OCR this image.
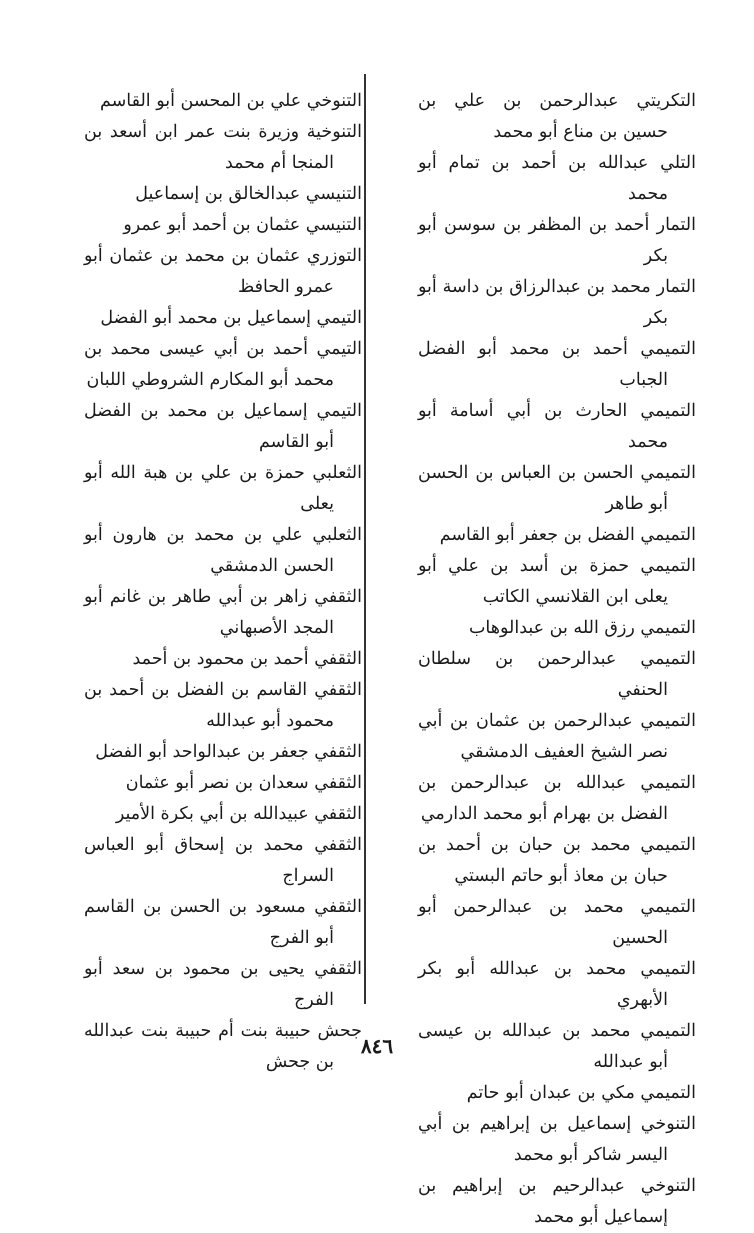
التكريتي عبدالرحمن بن علي بن حسين بن مناع أبو محمد

التلي عبدالله بن أحمد بن تمام أبو محمد

التمار أحمد بن المظفر بن سوسن أبو بكر

التمار محمد بن عبدالرزاق بن داسة أبو بكر

التميمي أحمد بن محمد أبو الفضل الجباب

التميمي الحارث بن أبي أسامة أبو محمد

التميمي الحسن بن العباس بن الحسن أبو طاهر

التميمي الفضل بن جعفر أبو القاسم

التميمي حمزة بن أسد بن علي أبو يعلى ابن القلانسي الكاتب

التميمي رزق الله بن عبدالوهاب

التميمي عبدالرحمن بن سلطان الحنفي

التميمي عبدالرحمن بن عثمان بن أبي نصر الشيخ العفيف الدمشقي

التميمي عبدالله بن عبدالرحمن بن الفضل بن بهرام أبو محمد الدارمي

التميمي محمد بن حبان بن أحمد بن حبان بن معاذ أبو حاتم البستي

التميمي محمد بن عبدالرحمن أبو الحسين

التميمي محمد بن عبدالله أبو بكر الأبهري

التميمي محمد بن عبدالله بن عيسى أبو عبدالله

التميمي مكي بن عبدان أبو حاتم

التنوخي إسماعيل بن إبراهيم بن أبي اليسر شاكر أبو محمد

التنوخي عبدالرحيم بن إبراهيم بن إسماعيل أبو محمد

التنوخي علي بن المحسن أبو القاسم

التنوخية وزيرة بنت عمر ابن أسعد بن المنجا أم محمد

التنيسي عبدالخالق بن إسماعيل

التنيسي عثمان بن أحمد أبو عمرو

التوزري عثمان بن محمد بن عثمان أبو عمرو الحافظ

التيمي إسماعيل بن محمد أبو الفضل

التيمي أحمد بن أبي عيسى محمد بن محمد أبو المكارم الشروطي اللبان

التيمي إسماعيل بن محمد بن الفضل أبو القاسم

الثعلبي حمزة بن علي بن هبة الله أبو يعلى

الثعلبي علي بن محمد بن هارون أبو الحسن الدمشقي

الثقفي زاهر بن أبي طاهر بن غانم أبو المجد الأصبهاني

الثقفي أحمد بن محمود بن أحمد

الثقفي القاسم بن الفضل بن أحمد بن محمود أبو عبدالله

الثقفي جعفر بن عبدالواحد أبو الفضل

الثقفي سعدان بن نصر أبو عثمان

الثقفي عبيدالله بن أبي بكرة الأمير

الثقفي محمد بن إسحاق أبو العباس السراج

الثقفي مسعود بن الحسن بن القاسم أبو الفرج

الثقفي يحيى بن محمود بن سعد أبو الفرج

جحش حبيبة بنت أم حبيبة بنت عبدالله بن جحش

٨٤٦
